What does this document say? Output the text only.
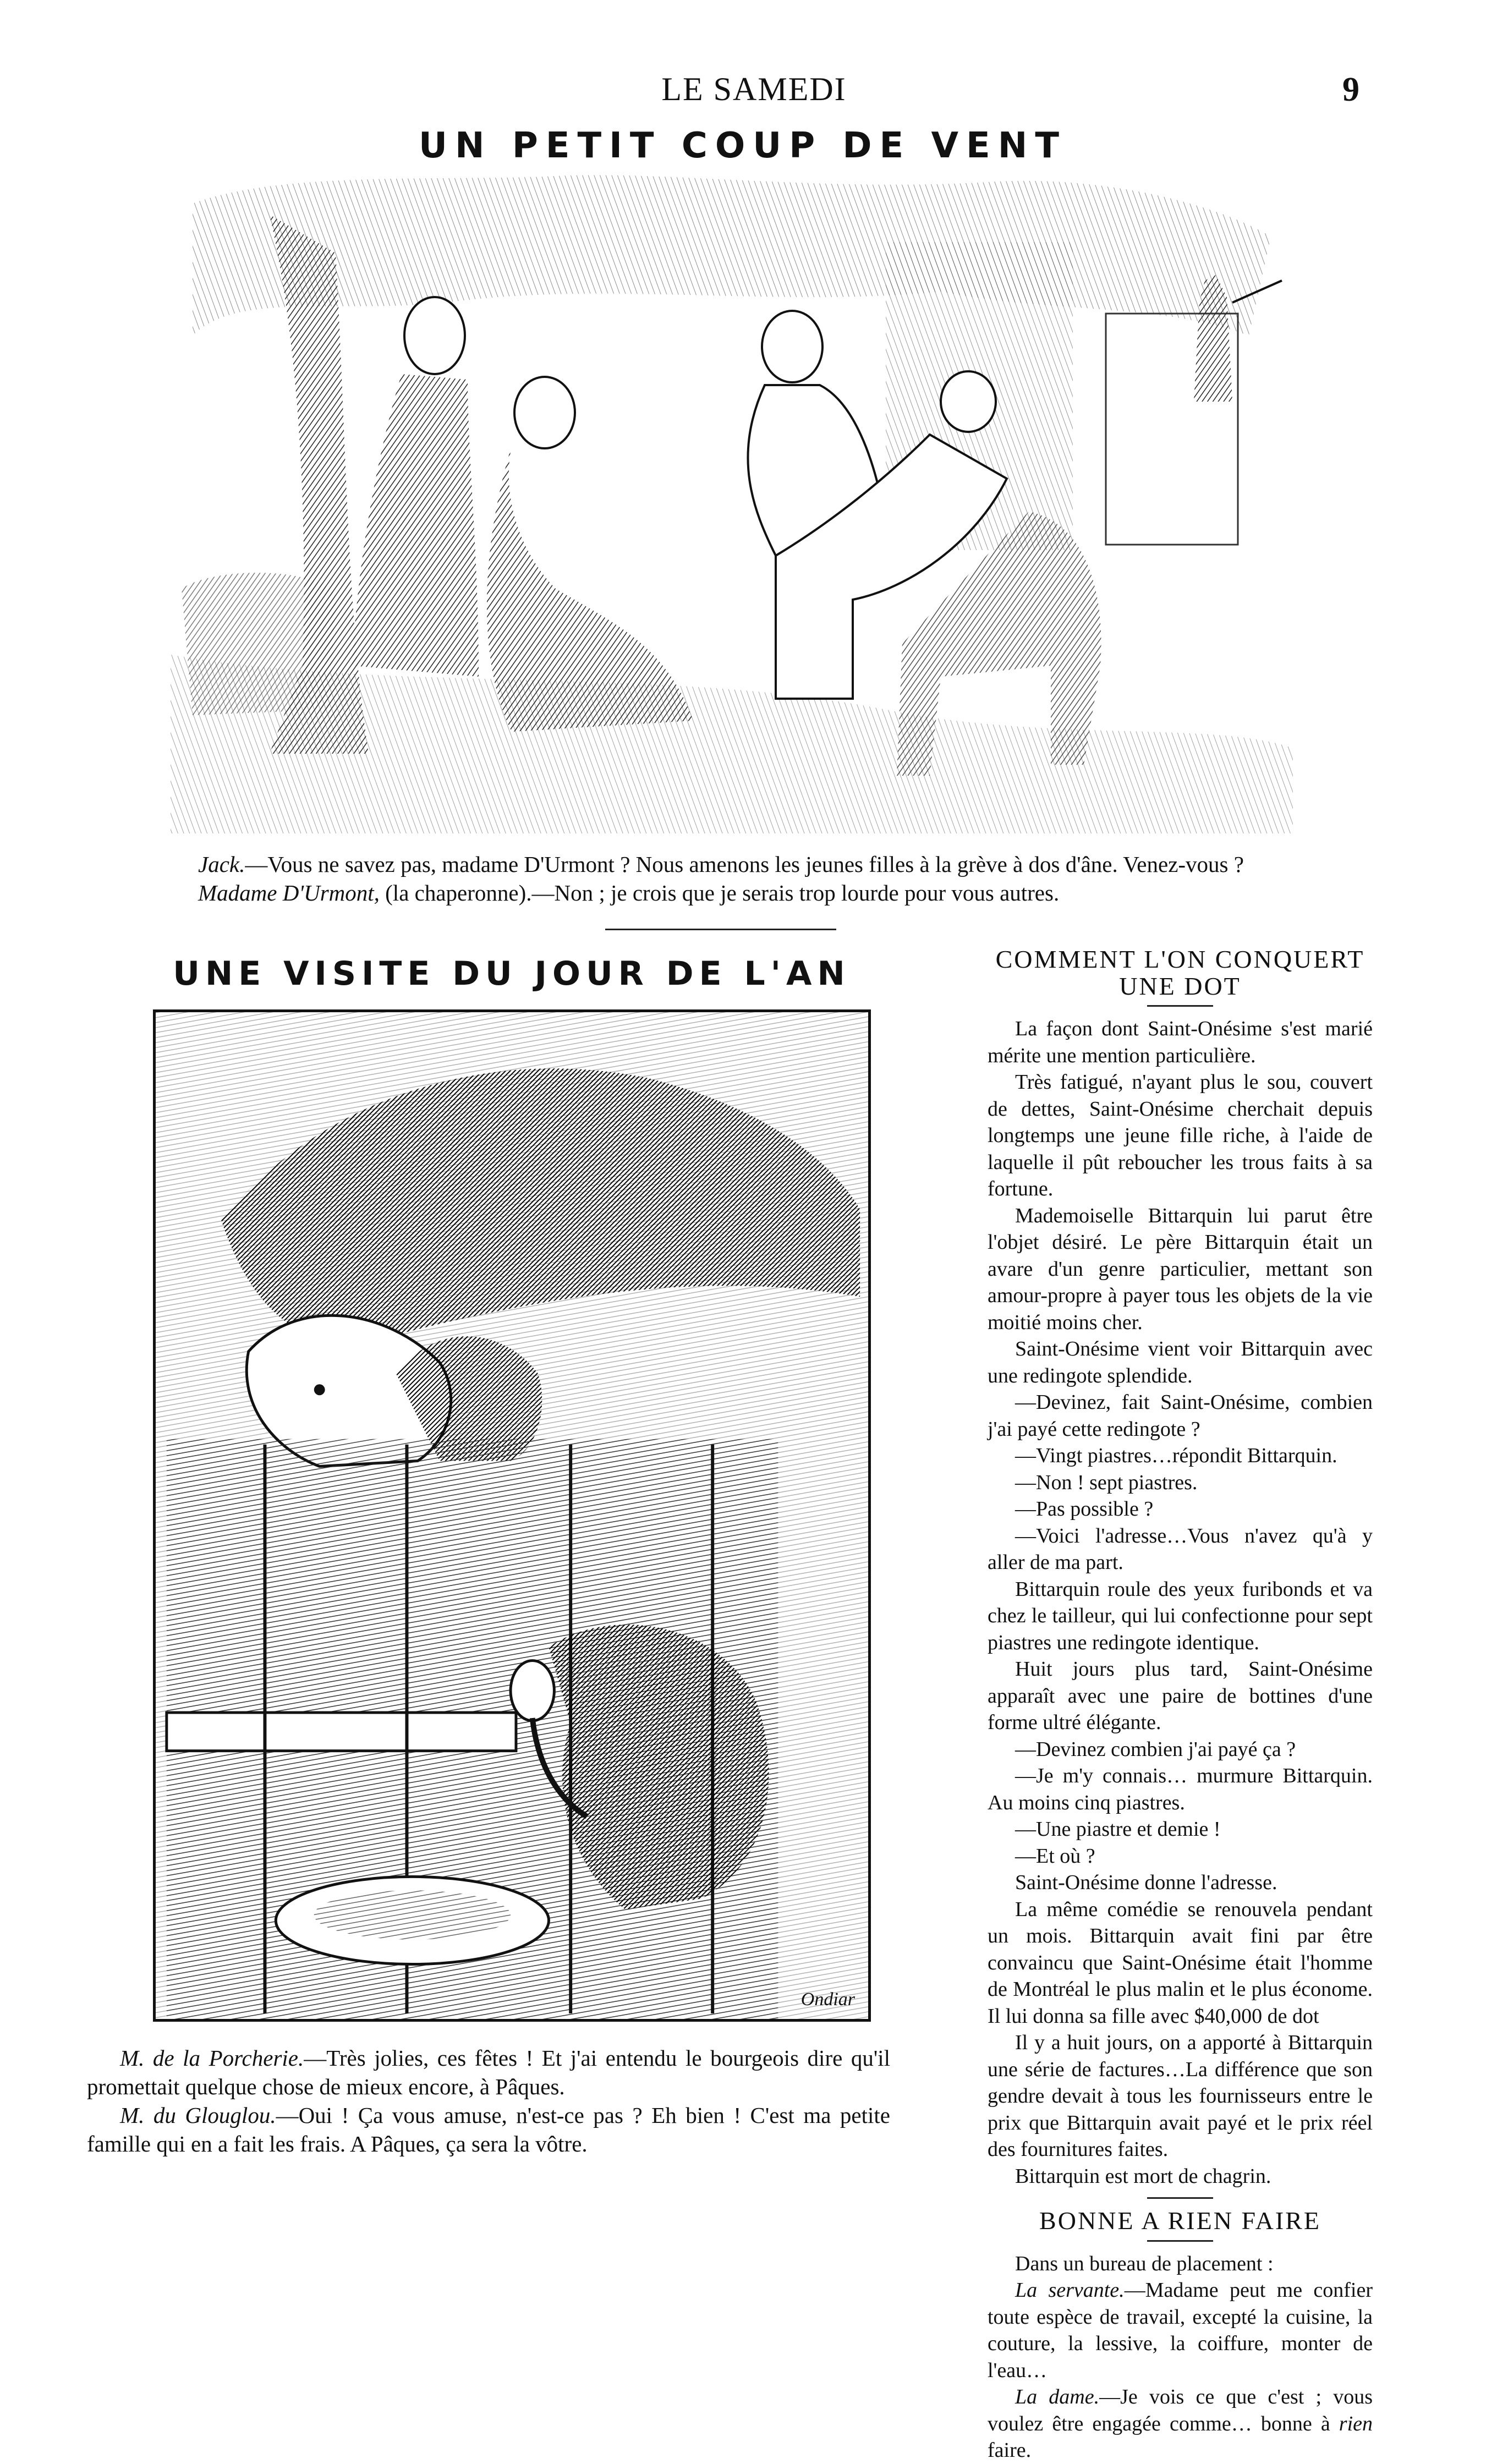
LE SAMEDI	9
UN PETIT COUP DE VENT
Jack.—Vous ne savez pas, madame D'Urmont ? Nous amenons les jeunes filles à la grève à dos d'âne. Venez-vous ?
Madame D'Urmont, (la chaperonne).—Non ; je crois que je serais trop lourde pour vous autres.
UNE VISITE DU JOUR DE L'AN
Ondiar
M. de la Porcherie.—Très jolies, ces fêtes ! Et j'ai entendu le bourgeois dire qu'il promettait quelque chose de mieux encore, à Pâques.
M. du Glouglou.—Oui ! Ça vous amuse, n'est-ce pas ? Eh bien ! C'est ma petite famille qui en a fait les frais. A Pâques, ça sera la vôtre.
COMMENT L'ON CONQUERT UNE DOT

La façon dont Saint-Onésime s'est marié mérite une mention particulière.

Très fatigué, n'ayant plus le sou, couvert de dettes, Saint-Onésime cherchait depuis longtemps une jeune fille riche, à l'aide de laquelle il pût reboucher les trous faits à sa fortune.

Mademoiselle Bittarquin lui parut être l'objet désiré. Le père Bittarquin était un avare d'un genre particulier, mettant son amour-propre à payer tous les objets de la vie moitié moins cher.

Saint-Onésime vient voir Bittarquin avec une redingote splendide.

—Devinez, fait Saint-Onésime, combien j'ai payé cette redingote ?

—Vingt piastres…répondit Bittarquin.

—Non ! sept piastres.

—Pas possible ?

—Voici l'adresse…Vous n'avez qu'à y aller de ma part.

Bittarquin roule des yeux furibonds et va chez le tailleur, qui lui confectionne pour sept piastres une redingote identique.

Huit jours plus tard, Saint-Onésime apparaît avec une paire de bottines d'une forme ultré élégante.

—Devinez combien j'ai payé ça ?

—Je m'y connais… murmure Bittarquin. Au moins cinq piastres.

—Une piastre et demie !

—Et où ?

Saint-Onésime donne l'adresse.

La même comédie se renouvela pendant un mois. Bittarquin avait fini par être convaincu que Saint-Onésime était l'homme de Montréal le plus malin et le plus économe. Il lui donna sa fille avec $40,000 de dot

Il y a huit jours, on a apporté à Bittarquin une série de factures…La différence que son gendre devait à tous les fournisseurs entre le prix que Bittarquin avait payé et le prix réel des fournitures faites.

Bittarquin est mort de chagrin.

BONNE A RIEN FAIRE

Dans un bureau de placement :

La servante.—Madame peut me confier toute espèce de travail, excepté la cuisine, la couture, la lessive, la coiffure, monter de l'eau…

La dame.—Je vois ce que c'est ; vous voulez être engagée comme… bonne à rien faire.
